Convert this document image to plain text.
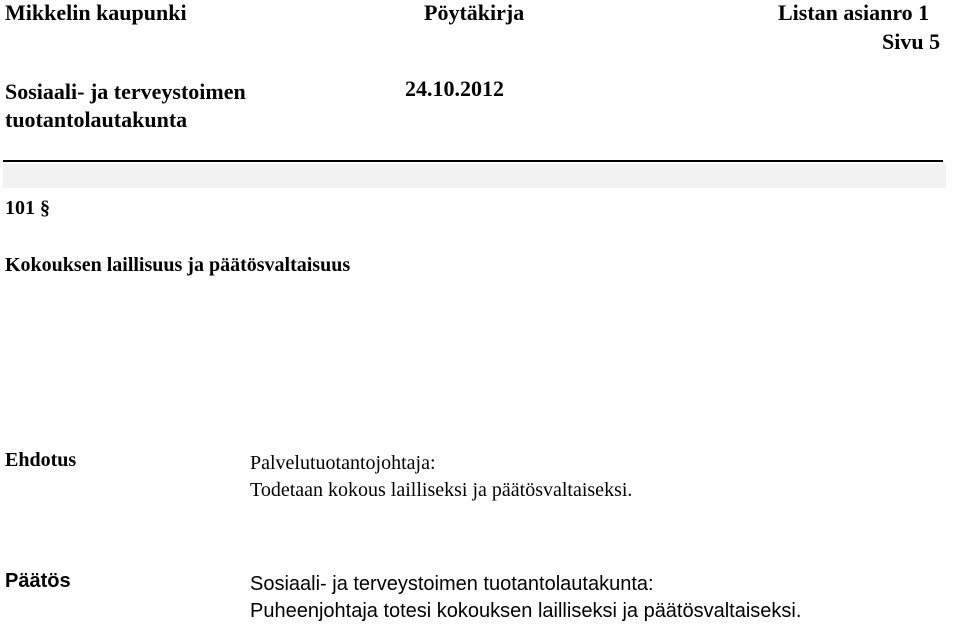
Mikkelin kaupunki	Pöytäkirja	Listan asianro 1
Sivu 5
Sosiaali- ja terveystoimen
tuotantolautakunta
24.10.2012
101 §
Kokouksen laillisuus ja päätösvaltaisuus
Ehdotus	Palvelutuotantojohtaja:
Todetaan kokous lailliseksi ja päätösvaltaiseksi.
Päätös	Sosiaali- ja terveystoimen tuotantolautakunta:
Puheenjohtaja totesi kokouksen lailliseksi ja päätösvaltaiseksi.
